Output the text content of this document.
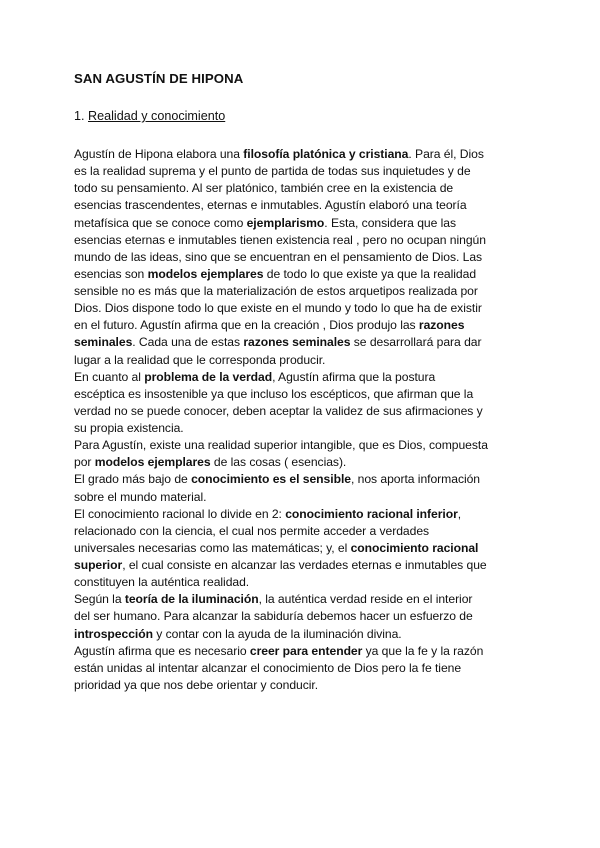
SAN AGUSTÍN DE HIPONA
1. Realidad y conocimiento

Agustín de Hipona elabora una filosofía platónica y cristiana. Para él, Dios
es la realidad suprema y el punto de partida de todas sus inquietudes y de
todo su pensamiento. Al ser platónico, también cree en la existencia de
esencias trascendentes, eternas e inmutables. Agustín elaboró una teoría
metafísica que se conoce como ejemplarismo. Esta, considera que las
esencias eternas e inmutables tienen existencia real , pero no ocupan ningún
mundo de las ideas, sino que se encuentran en el pensamiento de Dios. Las
esencias son modelos ejemplares de todo lo que existe ya que la realidad
sensible no es más que la materialización de estos arquetipos realizada por
Dios. Dios dispone todo lo que existe en el mundo y todo lo que ha de existir
en el futuro. Agustín afirma que en la creación , Dios produjo las razones
seminales. Cada una de estas razones seminales se desarrollará para dar
lugar a la realidad que le corresponda producir.

En cuanto al problema de la verdad, Agustín afirma que la postura
escéptica es insostenible ya que incluso los escépticos, que afirman que la
verdad no se puede conocer, deben aceptar la validez de sus afirmaciones y
su propia existencia.

Para Agustín, existe una realidad superior intangible, que es Dios, compuesta
por modelos ejemplares de las cosas ( esencias).

El grado más bajo de conocimiento es el sensible, nos aporta información
sobre el mundo material.

El conocimiento racional lo divide en 2: conocimiento racional inferior,
relacionado con la ciencia, el cual nos permite acceder a verdades
universales necesarias como las matemáticas; y, el conocimiento racional
superior, el cual consiste en alcanzar las verdades eternas e inmutables que
constituyen la auténtica realidad.

Según la teoría de la iluminación, la auténtica verdad reside en el interior
del ser humano. Para alcanzar la sabiduría debemos hacer un esfuerzo de
introspección y contar con la ayuda de la iluminación divina.

Agustín afirma que es necesario creer para entender ya que la fe y la razón
están unidas al intentar alcanzar el conocimiento de Dios pero la fe tiene
prioridad ya que nos debe orientar y conducir.
